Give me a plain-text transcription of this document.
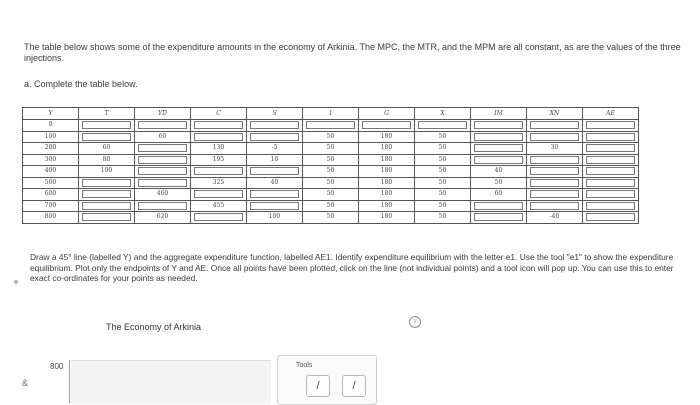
The table below shows some of the expenditure amounts in the economy of Arkinia. The MPC, the MTR, and the MPM are all constant, as are the values of the three injections.
a. Complete the table below.
Y	T	YD	C	S	I	G	X	IM	XN	AE
0	

100		60			50	180	50	

200	60		130	-5	50	180	50		30	

300	80		195	10	50	180	50	

400	100				50	180	50	40	

500			325	40	50	180	50	50	

600		460			50	180	50	60	

700			455		50	180	50	

800		620		100	50	180	50		-40	
Draw a 45° line (labelled Y) and the aggregate expenditure function, labelled AE1. Identify expenditure equilibrium with the letter e1. Use the tool "e1" to show the expenditure equilibrium. Plot only the endpoints of Y and AE. Once all points have been plotted, click on the line (not individual points) and a tool icon will pop up. You can use this to enter exact co-ordinates for your points as needed.
The Economy of Arkinia
i
800
&
Tools
/	/
